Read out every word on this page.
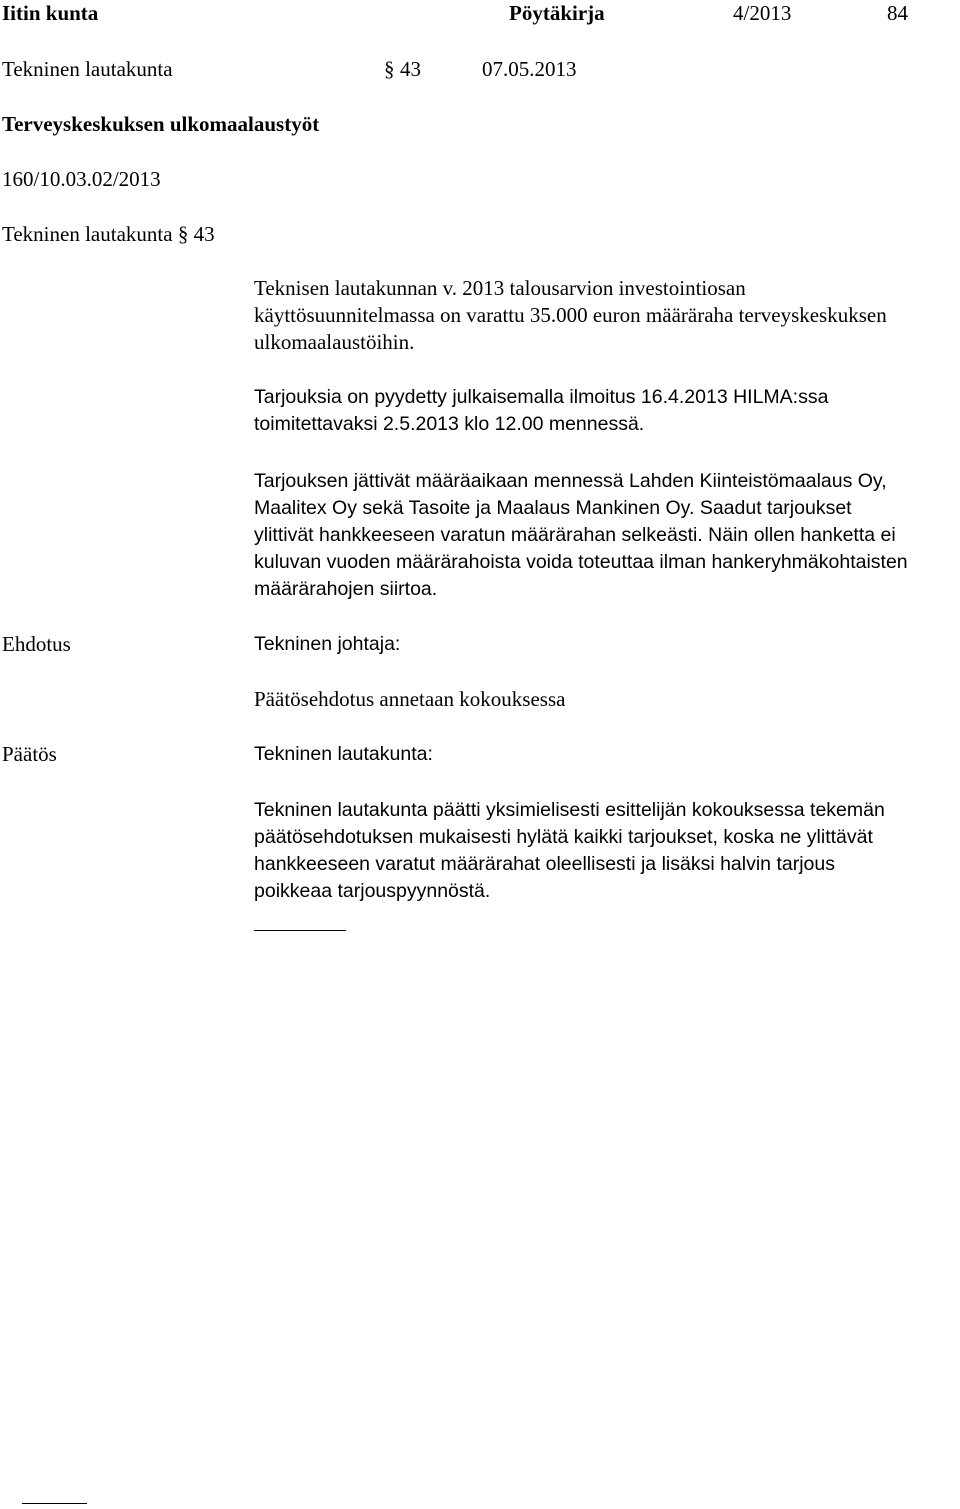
Iitin kunta	Pöytäkirja	4/2013	84
Tekninen lautakunta	§ 43	07.05.2013
Terveyskeskuksen ulkomaalaustyöt
160/10.03.02/2013
Tekninen lautakunta § 43
Teknisen lautakunnan v. 2013 talousarvion investointiosan
käyttösuunnitelmassa on varattu 35.000 euron määräraha terveyskeskuksen
ulkomaalaustöihin.
Tarjouksia on pyydetty julkaisemalla ilmoitus 16.4.2013 HILMA:ssa
toimitettavaksi 2.5.2013 klo 12.00 mennessä.
Tarjouksen jättivät määräaikaan mennessä Lahden Kiinteistömaalaus Oy,
Maalitex Oy sekä Tasoite ja Maalaus Mankinen Oy. Saadut tarjoukset
ylittivät hankkeeseen varatun määrärahan selkeästi. Näin ollen hanketta ei
kuluvan vuoden määrärahoista voida toteuttaa ilman hankeryhmäkohtaisten
määrärahojen siirtoa.
Ehdotus	Tekninen johtaja:
Päätösehdotus annetaan kokouksessa
Päätös	Tekninen lautakunta:
Tekninen lautakunta päätti yksimielisesti esittelijän kokouksessa tekemän
päätösehdotuksen mukaisesti hylätä kaikki tarjoukset, koska ne ylittävät
hankkeeseen varatut määrärahat oleellisesti ja lisäksi halvin tarjous
poikkeaa tarjouspyynnöstä.
